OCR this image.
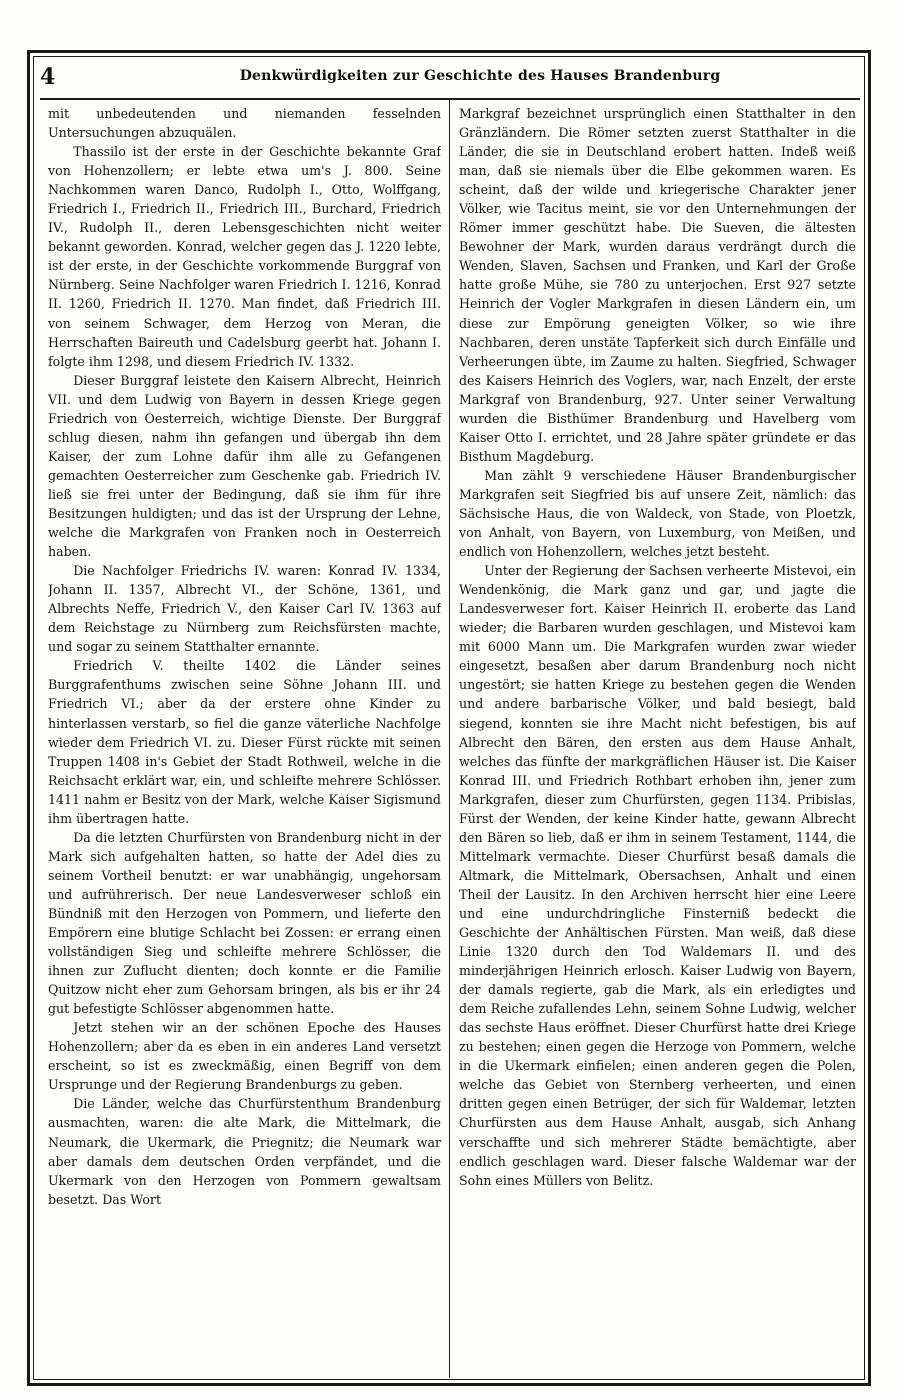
4	Denkwürdigkeiten zur Geschichte des Hauses Brandenburg

mit unbedeutenden und niemanden fesselnden Untersuchungen abzuquälen.

Thassilo ist der erste in der Geschichte bekannte Graf von Hohenzollern; er lebte etwa um's J. 800. Seine Nachkommen waren Danco, Rudolph I., Otto, Wolffgang, Friedrich I., Friedrich II., Friedrich III., Burchard, Friedrich IV., Rudolph II., deren Lebensgeschichten nicht weiter bekannt geworden. Konrad, welcher gegen das J. 1220 lebte, ist der erste, in der Geschichte vorkommende Burggraf von Nürnberg. Seine Nachfolger waren Friedrich I. 1216, Konrad II. 1260, Friedrich II. 1270. Man findet, daß Friedrich III. von seinem Schwager, dem Herzog von Meran, die Herrschaften Baireuth und Cadelsburg geerbt hat. Johann I. folgte ihm 1298, und diesem Friedrich IV. 1332.

Dieser Burggraf leistete den Kaisern Albrecht, Heinrich VII. und dem Ludwig von Bayern in dessen Kriege gegen Friedrich von Oesterreich, wichtige Dienste. Der Burggraf schlug diesen, nahm ihn gefangen und übergab ihn dem Kaiser, der zum Lohne dafür ihm alle zu Gefangenen gemachten Oesterreicher zum Geschenke gab. Friedrich IV. ließ sie frei unter der Bedingung, daß sie ihm für ihre Besitzungen huldigten; und das ist der Ursprung der Lehne, welche die Markgrafen von Franken noch in Oesterreich haben.

Die Nachfolger Friedrichs IV. waren: Konrad IV. 1334, Johann II. 1357, Albrecht VI., der Schöne, 1361, und Albrechts Neffe, Friedrich V., den Kaiser Carl IV. 1363 auf dem Reichstage zu Nürnberg zum Reichsfürsten machte, und sogar zu seinem Statthalter ernannte.

Friedrich V. theilte 1402 die Länder seines Burggrafenthums zwischen seine Söhne Johann III. und Friedrich VI.; aber da der erstere ohne Kinder zu hinterlassen verstarb, so fiel die ganze väterliche Nachfolge wieder dem Friedrich VI. zu. Dieser Fürst rückte mit seinen Truppen 1408 in's Gebiet der Stadt Rothweil, welche in die Reichsacht erklärt war, ein, und schleifte mehrere Schlösser. 1411 nahm er Besitz von der Mark, welche Kaiser Sigismund ihm übertragen hatte.

Da die letzten Churfürsten von Brandenburg nicht in der Mark sich aufgehalten hatten, so hatte der Adel dies zu seinem Vortheil benutzt: er war unabhängig, ungehorsam und aufrührerisch. Der neue Landesverweser schloß ein Bündniß mit den Herzogen von Pommern, und lieferte den Empörern eine blutige Schlacht bei Zossen: er errang einen vollständigen Sieg und schleifte mehrere Schlösser, die ihnen zur Zuflucht dienten; doch konnte er die Familie Quitzow nicht eher zum Gehorsam bringen, als bis er ihr 24 gut befestigte Schlösser abgenommen hatte.

Jetzt stehen wir an der schönen Epoche des Hauses Hohenzollern; aber da es eben in ein anderes Land versetzt erscheint, so ist es zweckmäßig, einen Begriff von dem Ursprunge und der Regierung Brandenburgs zu geben.

Die Länder, welche das Churfürstenthum Brandenburg ausmachten, waren: die alte Mark, die Mittelmark, die Neumark, die Ukermark, die Priegnitz; die Neumark war aber damals dem deutschen Orden verpfändet, und die Ukermark von den Herzogen von Pommern gewaltsam besetzt. Das Wort

Markgraf bezeichnet ursprünglich einen Statthalter in den Gränzländern. Die Römer setzten zuerst Statthalter in die Länder, die sie in Deutschland erobert hatten. Indeß weiß man, daß sie niemals über die Elbe gekommen waren. Es scheint, daß der wilde und kriegerische Charakter jener Völker, wie Tacitus meint, sie vor den Unternehmungen der Römer immer geschützt habe. Die Sueven, die ältesten Bewohner der Mark, wurden daraus verdrängt durch die Wenden, Slaven, Sachsen und Franken, und Karl der Große hatte große Mühe, sie 780 zu unterjochen. Erst 927 setzte Heinrich der Vogler Markgrafen in diesen Ländern ein, um diese zur Empörung geneigten Völker, so wie ihre Nachbaren, deren unstäte Tapferkeit sich durch Einfälle und Verheerungen übte, im Zaume zu halten. Siegfried, Schwager des Kaisers Heinrich des Voglers, war, nach Enzelt, der erste Markgraf von Brandenburg, 927. Unter seiner Verwaltung wurden die Bisthümer Brandenburg und Havelberg vom Kaiser Otto I. errichtet, und 28 Jahre später gründete er das Bisthum Magdeburg.

Man zählt 9 verschiedene Häuser Brandenburgischer Markgrafen seit Siegfried bis auf unsere Zeit, nämlich: das Sächsische Haus, die von Waldeck, von Stade, von Ploetzk, von Anhalt, von Bayern, von Luxemburg, von Meißen, und endlich von Hohenzollern, welches jetzt besteht.

Unter der Regierung der Sachsen verheerte Mistevoi, ein Wendenkönig, die Mark ganz und gar, und jagte die Landesverweser fort. Kaiser Heinrich II. eroberte das Land wieder; die Barbaren wurden geschlagen, und Mistevoi kam mit 6000 Mann um. Die Markgrafen wurden zwar wieder eingesetzt, besaßen aber darum Brandenburg noch nicht ungestört; sie hatten Kriege zu bestehen gegen die Wenden und andere barbarische Völker, und bald besiegt, bald siegend, konnten sie ihre Macht nicht befestigen, bis auf Albrecht den Bären, den ersten aus dem Hause Anhalt, welches das fünfte der markgräflichen Häuser ist. Die Kaiser Konrad III. und Friedrich Rothbart erhoben ihn, jener zum Markgrafen, dieser zum Churfürsten, gegen 1134. Pribislas, Fürst der Wenden, der keine Kinder hatte, gewann Albrecht den Bären so lieb, daß er ihm in seinem Testament, 1144, die Mittelmark vermachte. Dieser Churfürst besaß damals die Altmark, die Mittelmark, Obersachsen, Anhalt und einen Theil der Lausitz. In den Archiven herrscht hier eine Leere und eine undurchdringliche Finsterniß bedeckt die Geschichte der Anhältischen Fürsten. Man weiß, daß diese Linie 1320 durch den Tod Waldemars II. und des minderjährigen Heinrich erlosch. Kaiser Ludwig von Bayern, der damals regierte, gab die Mark, als ein erledigtes und dem Reiche zufallendes Lehn, seinem Sohne Ludwig, welcher das sechste Haus eröffnet. Dieser Churfürst hatte drei Kriege zu bestehen; einen gegen die Herzoge von Pommern, welche in die Ukermark einfielen; einen anderen gegen die Polen, welche das Gebiet von Sternberg verheerten, und einen dritten gegen einen Betrüger, der sich für Waldemar, letzten Churfürsten aus dem Hause Anhalt, ausgab, sich Anhang verschaffte und sich mehrerer Städte bemächtigte, aber endlich geschlagen ward. Dieser falsche Waldemar war der Sohn eines Müllers von Belitz.
